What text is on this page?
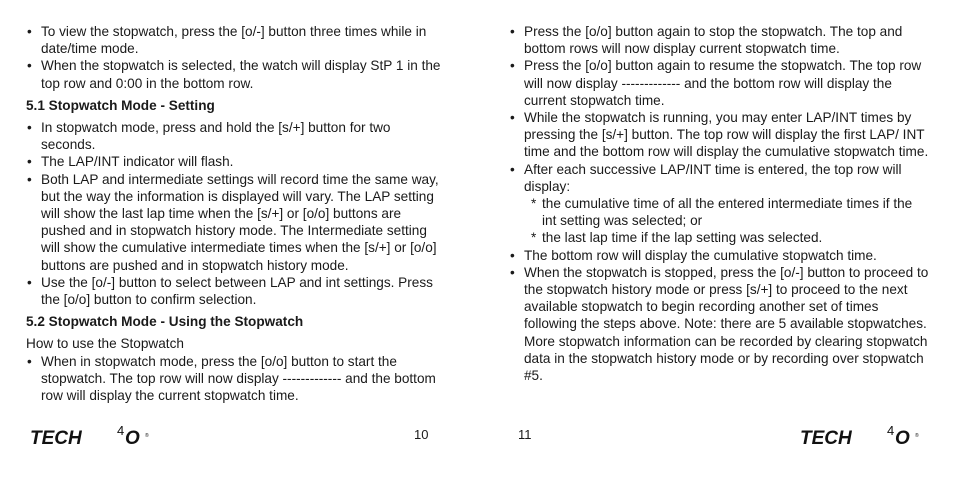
• To view the stopwatch, press the [o/-] button three times while in date/time mode.
• When the stopwatch is selected, the watch will display StP 1 in the top row and 0:00 in the bottom row.
5.1 Stopwatch Mode - Setting
• In stopwatch mode, press and hold the [s/+] button for two seconds.
• The LAP/INT indicator will flash.
• Both LAP and intermediate settings will record time the same way, but the way the information is displayed will vary. The LAP setting will show the last lap time when the [s/+] or [o/o] buttons are pushed and in stopwatch history mode. The Intermediate setting will show the cumulative intermediate times when the [s/+] or [o/o] buttons are pushed and in stopwatch history mode.
• Use the [o/-] button to select between LAP and int settings. Press the [o/o] button to confirm selection.
5.2 Stopwatch Mode - Using the Stopwatch

How to use the Stopwatch

• When in stopwatch mode, press the [o/o] button to start the stopwatch. The top row will now display ------------- and the bottom row will display the current stopwatch time.
TECH	4 O ®	10
• Press the [o/o] button again to stop the stopwatch. The top and bottom rows will now display current stopwatch time.
• Press the [o/o] button again to resume the stopwatch. The top row will now display ------------- and the bottom row will display the current stopwatch time.
• While the stopwatch is running, you may enter LAP/INT times by pressing the [s/+] button. The top row will display the first LAP/ INT time and the bottom row will display the cumulative stopwatch time.
• After each successive LAP/INT time is entered, the top row will display:
* the cumulative time of all the entered intermediate times if the int setting was selected; or
* the last lap time if the lap setting was selected.
• The bottom row will display the cumulative stopwatch time.
• When the stopwatch is stopped, press the [o/-] button to proceed to the stopwatch history mode or press [s/+] to proceed to the next available stopwatch to begin recording another set of times following the steps above. Note: there are 5 available stopwatches. More stopwatch information can be recorded by clearing stopwatch data in the stopwatch history mode or by recording over stopwatch #5.
11	TECH	4 O ®
